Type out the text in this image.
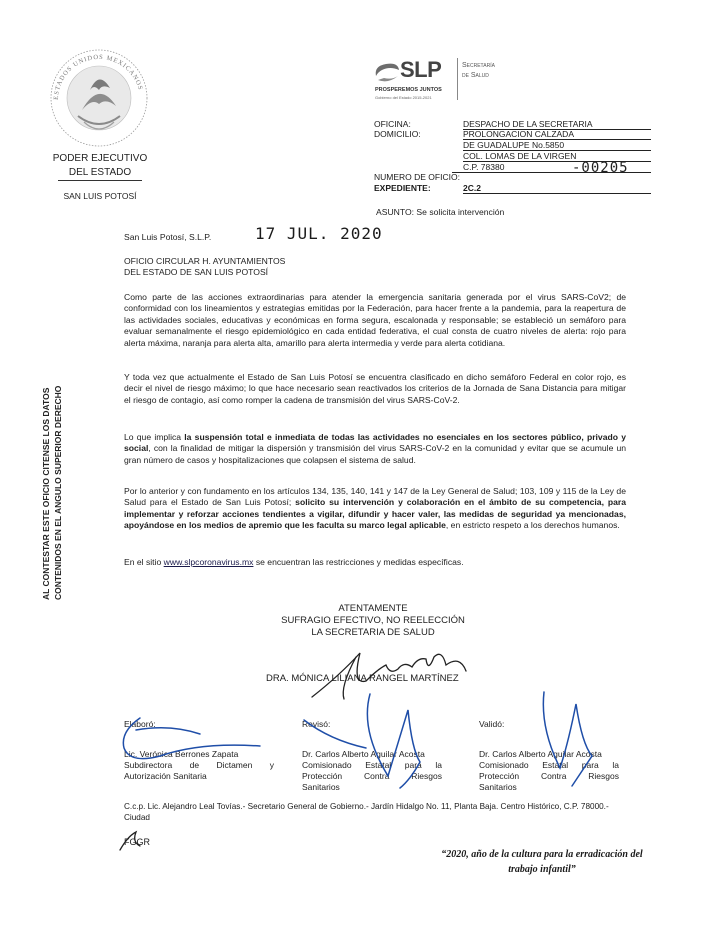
ESTADOS UNIDOS MEXICANOS
PODER EJECUTIVO
DEL ESTADO
SAN LUIS POTOSÍ
SLP
PROSPEREMOS JUNTOS
Gobierno del Estado 2015-2021
Secretaría
de Salud
OFICINA:	DESPACHO DE LA SECRETARIA
DOMICILIO:	PROLONGACION CALZADA
DE GUADALUPE No.5850
COL. LOMAS DE LA VIRGEN
C.P. 78380
NUMERO DE OFICIO:
EXPEDIENTE:	2C.2
-00205
ASUNTO: Se solicita intervención
AL CONTESTAR ESTE OFICIO CITENSE LOS DATOS CONTENIDOS EN EL ANGULO SUPERIOR DERECHO
San Luis Potosí, S.L.P.	17 JUL. 2020
OFICIO CIRCULAR H. AYUNTAMIENTOS
DEL ESTADO DE SAN LUIS POTOSÍ
Como parte de las acciones extraordinarias para atender la emergencia sanitaria generada por el virus SARS-CoV2; de conformidad con los lineamientos y estrategias emitidas por la Federación, para hacer frente a la pandemia, para la reapertura de las actividades sociales, educativas y económicas en forma segura, escalonada y responsable; se estableció un semáforo para evaluar semanalmente el riesgo epidemiológico en cada entidad federativa, el cual consta de cuatro niveles de alerta: rojo para alerta máxima, naranja para alerta alta, amarillo para alerta intermedia y verde para alerta cotidiana.
Y toda vez que actualmente el Estado de San Luis Potosí se encuentra clasificado en dicho semáforo Federal en color rojo, es decir el nivel de riesgo máximo; lo que hace necesario sean reactivados los criterios de la Jornada de Sana Distancia para mitigar el riesgo de contagio, así como romper la cadena de transmisión del virus SARS-CoV-2.
Lo que implica la suspensión total e inmediata de todas las actividades no esenciales en los sectores público, privado y social, con la finalidad de mitigar la dispersión y transmisión del virus SARS-CoV-2 en la comunidad y evitar que se acumule un gran número de casos y hospitalizaciones que colapsen el sistema de salud.
Por lo anterior y con fundamento en los artículos 134, 135, 140, 141 y 147 de la Ley General de Salud; 103, 109 y 115 de la Ley de Salud para el Estado de San Luis Potosí; solicito su intervención y colaboración en el ámbito de su competencia, para implementar y reforzar acciones tendientes a vigilar, difundir y hacer valer, las medidas de seguridad ya mencionadas, apoyándose en los medios de apremio que les faculta su marco legal aplicable, en estricto respeto a los derechos humanos.
En el sitio www.slpcoronavirus.mx se encuentran las restricciones y medidas específicas.
ATENTAMENTE
SUFRAGIO EFECTIVO, NO REELECCIÓN
LA SECRETARIA DE SALUD
DRA. MÓNICA LILIANA RANGEL MARTÍNEZ
Elaboró:
Lic. Verónica Berrones Zapata
Subdirectora de Dictamen y Autorización Sanitaria
Revisó:
Dr. Carlos Alberto Aguilar Acosta
Comisionado Estatal para la Protección Contra Riesgos Sanitarios
Validó:
Dr. Carlos Alberto Aguilar Acosta
Comisionado Estatal para la Protección Contra Riesgos Sanitarios
C.c.p. Lic. Alejandro Leal Tovías.- Secretario General de Gobierno.- Jardín Hidalgo No. 11, Planta Baja. Centro Histórico, C.P. 78000.- Ciudad
FGGR
“2020, año de la cultura para la erradicación del trabajo infantil”
